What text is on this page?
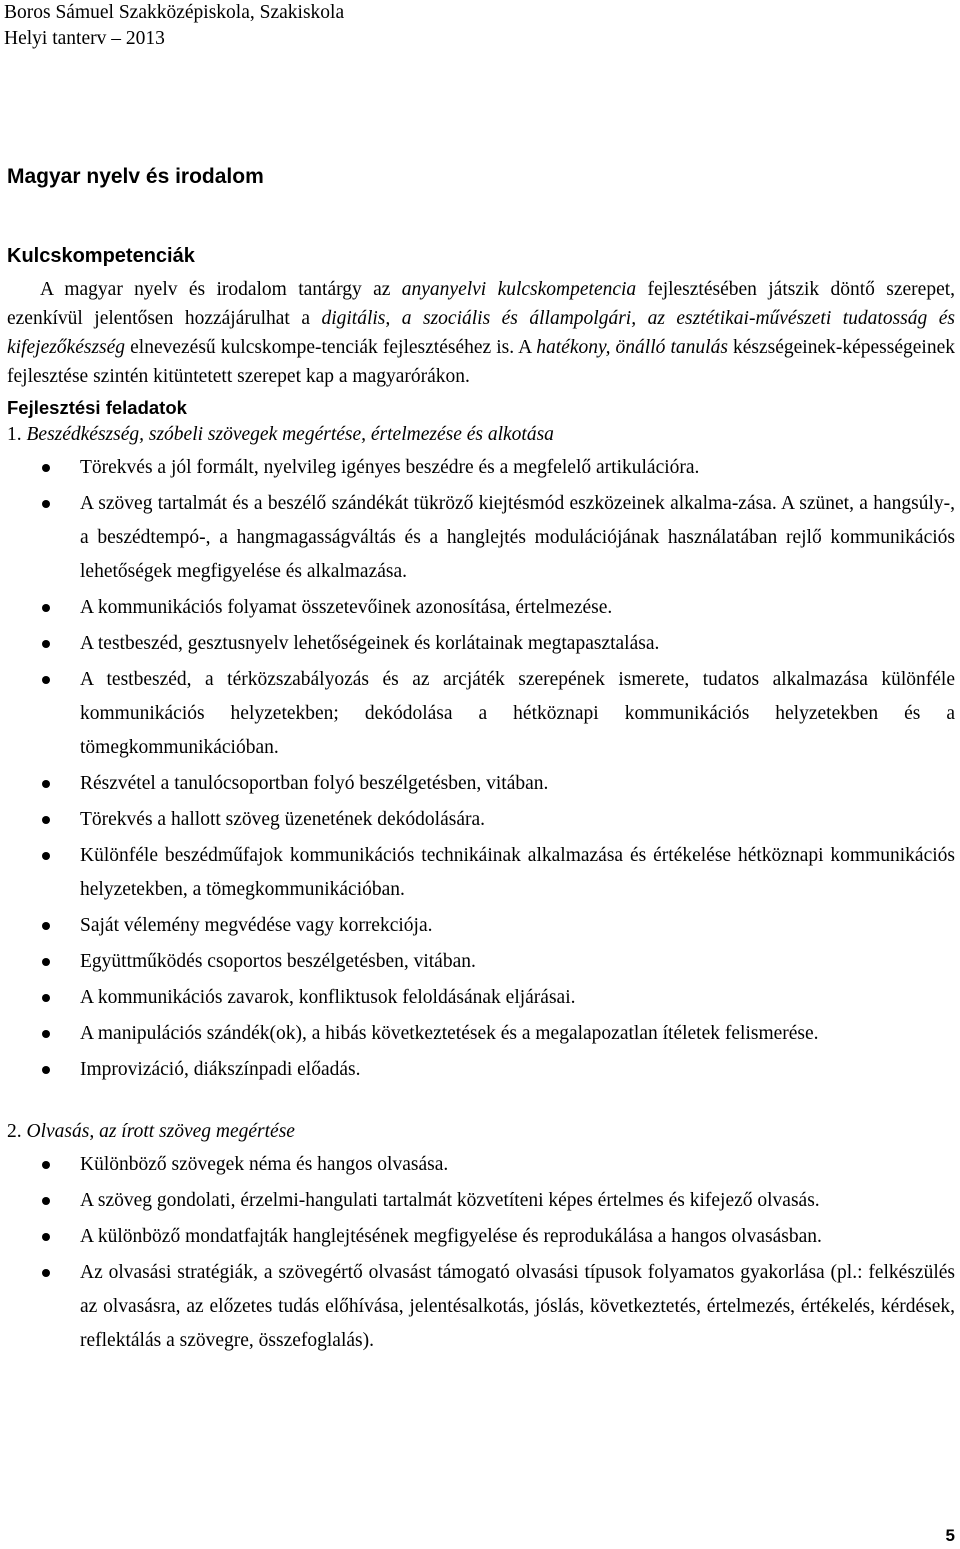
Boros Sámuel Szakközépiskola, Szakiskola
Helyi tanterv – 2013
Magyar nyelv és irodalom
Kulcskompetenciák

A magyar nyelv és irodalom tantárgy az anyanyelvi kulcskompetencia fejlesztésében játszik döntő szerepet, ezenkívül jelentősen hozzájárulhat a digitális, a szociális és állampolgári, az esztétikai-művészeti tudatosság és kifejezőkészség elnevezésű kulcskompe-tenciák fejlesztéséhez is. A hatékony, önálló tanulás készségeinek-képességeinek fejlesztése szintén kitüntetett szerepet kap a magyarórákon.

Fejlesztési feladatok

1. Beszédkészség, szóbeli szövegek megértése, értelmezése és alkotása

Törekvés a jól formált, nyelvileg igényes beszédre és a megfelelő artikulációra.
A szöveg tartalmát és a beszélő szándékát tükröző kiejtésmód eszközeinek alkalma-zása. A szünet, a hangsúly-, a beszédtempó-, a hangmagasságváltás és a hanglejtés modulációjának használatában rejlő kommunikációs lehetőségek megfigyelése és alkalmazása.
A kommunikációs folyamat összetevőinek azonosítása, értelmezése.
A testbeszéd, gesztusnyelv lehetőségeinek és korlátainak megtapasztalása.
A testbeszéd, a térközszabályozás és az arcjáték szerepének ismerete, tudatos alkalmazása különféle kommunikációs helyzetekben; dekódolása a hétköznapi kommunikációs helyzetekben és a tömegkommunikációban.
Részvétel a tanulócsoportban folyó beszélgetésben, vitában.
Törekvés a hallott szöveg üzenetének dekódolására.
Különféle beszédműfajok kommunikációs technikáinak alkalmazása és értékelése hétköznapi kommunikációs helyzetekben, a tömegkommunikációban.
Saját vélemény megvédése vagy korrekciója.
Együttműködés csoportos beszélgetésben, vitában.
A kommunikációs zavarok, konfliktusok feloldásának eljárásai.
A manipulációs szándék(ok), a hibás következtetések és a megalapozatlan ítéletek felismerése.
Improvizáció, diákszínpadi előadás.

2. Olvasás, az írott szöveg megértése

Különböző szövegek néma és hangos olvasása.
A szöveg gondolati, érzelmi-hangulati tartalmát közvetíteni képes értelmes és kifejező olvasás.
A különböző mondatfajták hanglejtésének megfigyelése és reprodukálása a hangos olvasásban.
Az olvasási stratégiák, a szövegértő olvasást támogató olvasási típusok folyamatos gyakorlása (pl.: felkészülés az olvasásra, az előzetes tudás előhívása, jelentésalkotás, jóslás, következtetés, értelmezés, értékelés, kérdések, reflektálás a szövegre, összefoglalás).
5
